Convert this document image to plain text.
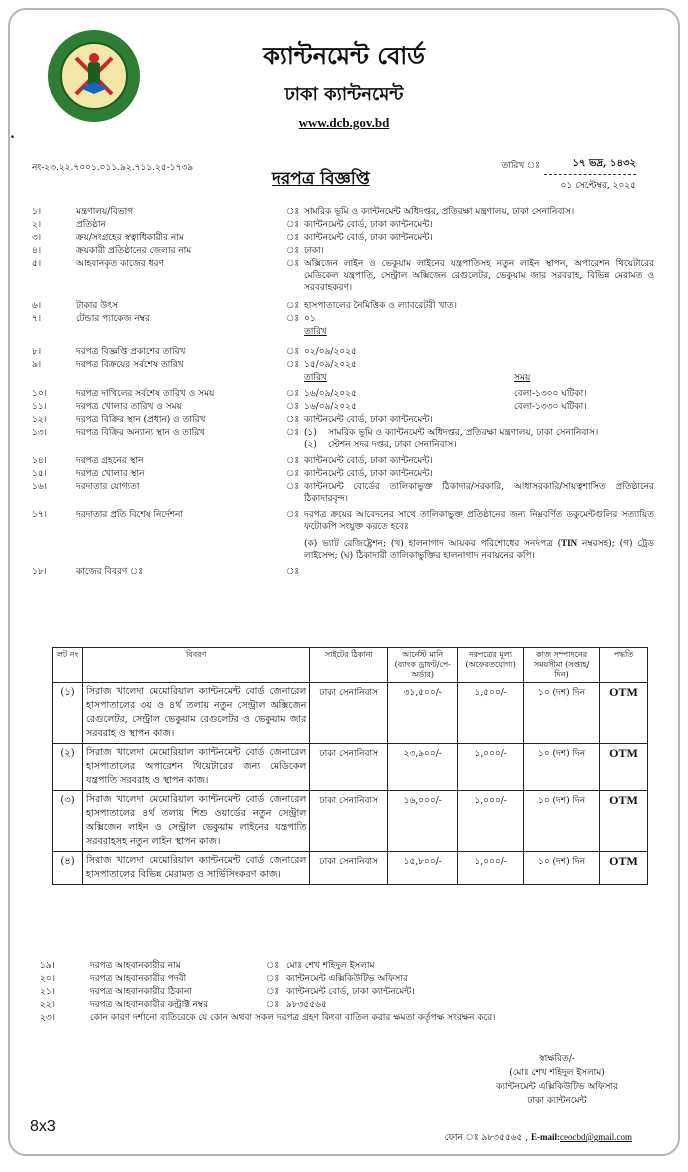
ক্যান্টনমেন্ট বোর্ড
ঢাকা ক্যান্টনমেন্ট
www.dcb.gov.bd
.
নং-২৩.২২.৭০০১.০১১.৯২.৭১১.২৫-১৭৩৯
দরপত্র বিজ্ঞপ্তি
তারিখ ঃ	১৭ ভদ্র, ১৪৩২
০১ সেপ্টেম্বর, ২০২৫
১।	মন্ত্রণালয়/বিভাগ	ঃ সামরিক ভূমি ও ক্যান্টনমেন্ট অধিদপ্তর, প্রতিরক্ষা মন্ত্রণালয়, ঢাকা সেনানিবাস।
২।	প্রতিষ্ঠান	ঃ ক্যান্টনমেন্ট বোর্ড, ঢাকা ক্যান্টনমেন্ট।
৩।	ক্রয়/সংগ্রহের স্বত্বাধিকারীর নাম	ঃ ক্যান্টনমেন্ট বোর্ড, ঢাকা ক্যান্টনমেন্ট।
৪।	ক্রয়কারী প্রতিষ্ঠানের জেলার নাম	ঃ ঢাকা।
৫।	আহবানকৃত কাজের ধরণ	ঃ অক্সিজেন লাইন ও ভেকুয়াম লাইনের যন্ত্রপাতিসহ নতুন লাইন স্থাপন, অপারেশন থিয়েটারের মেডিকেল যন্ত্রপাতি, সেন্ট্রাল অক্সিজেন রেগুলেটর, ভেকুয়াম জার সরবরাহ, বিভিন্ন মেরামত ও সরবরাহকরণ।
৬।	টাকার উৎস	ঃ হাসপাতালের নৈমিত্তিক ও ল্যাবরেটরী খাত।
৭।	টেন্ডার প্যাকেজ নম্বর	ঃ ০১
তারিখ
৮।	দরপত্র বিজ্ঞপ্তি প্রকাশের তারিখ	ঃ ০২/০৯/২০২৫
৯।	দরপত্র বিক্রয়ের সর্বশেষ তারিখ	ঃ ১৫/০৯/২০২৫
তারিখ	সময়
১০।	দরপত্র দাখিলের সর্বশেষ তারিখ ও সময়	ঃ ১৬/০৯/২০২৫	বেলা-১৩০০ ঘটিকা।
১১।	দরপত্র খোলার তারিখ ও সময়	ঃ ১৬/০৯/২০২৫	বেলা-১৩৩০ ঘটিকা।
১২।	দরপত্র বিক্রির স্থান (প্রধান) ও তারিখ	ঃ ক্যান্টনমেন্ট বোর্ড, ঢাকা ক্যান্টনমেন্ট।
১৩।	দরপত্র বিক্রির অন্যান্য স্থান ও তারিখ	ঃ (১)	সামরিক ভূমি ও ক্যান্টনমেন্ট অধিদপ্তর, প্রতিরক্ষা মন্ত্রণালয়, ঢাকা সেনানিবাস।
(২)	স্টেশন সদর দপ্তর, ঢাকা সেনানিবাস।
১৪।	দরপত্র গ্রহনের স্থান	ঃ ক্যান্টনমেন্ট বোর্ড, ঢাকা ক্যান্টনমেন্ট।
১৫।	দরপত্র খোলার স্থান	ঃ ক্যান্টনমেন্ট বোর্ড, ঢাকা ক্যান্টনমেন্ট।
১৬।	দরদাতার যোগ্যতা	ঃ ক্যান্টনমেন্ট বোর্ডের তালিকাভুক্ত ঠিকাদার/সরকারি, আধাসরকারি/সায়ত্বশাসিত প্রতিষ্ঠানের ঠিকাদারবৃন্দ।
১৭।	দরদাতার প্রতি বিশেষ নির্দেশনা	ঃ দরপত্র ক্রয়ের আবেদনের সাথে তালিকাভুক্ত প্রতিষ্ঠানের জন্য নিম্নবর্ণিত ডকুমেন্টগুলির সত্যায়িত ফটোকপি সংযুক্ত করতে হবেঃ
(ক) ভ্যাট রেজিষ্ট্রেশন; (খ) হালনাগাদ আয়কর পরিশোধের সনদপত্র (TIN নম্বরসহ); (গ) ট্রেড লাইসেন্স; (ঘ) ঠিকাদারী তালিকাভুক্তির হালনাগাদ নবায়নের কপি।
১৮।	কাজের বিবরণ ঃ	ঃ
লট নং	বিবরণ	সাইটের ঠিকানা	আর্নেস্ট মানি (ব্যাংক ড্রাফট/পে-অর্ডার)	দরপত্রের মূল্য (অফেরতযোগ্য)	কাজ সম্পাদনের সময়সীমা (সপ্তাহ/দিন)	পদ্ধতি
(১)	সিরাজ খালেদা মেমোরিয়াল ক্যান্টনমেন্ট বোর্ড জেনারেল হাসপাতালের ৩য় ও ৪র্থ তলায় নতুন সেন্ট্রাল অক্সিজেন রেগুলেটর, সেন্ট্রাল ভেকুয়াম রেগুলেটর ও ভেকুয়াম জার সরবরাহ ও স্থাপন কাজ।	ঢাকা সেনানিবাস	৩১,৫০০/-	১,৫০০/-	১০ (দশ) দিন	OTM
(২)	সিরাজ খালেদা মেমোরিয়াল ক্যান্টনমেন্ট বোর্ড জেনারেল হাসপাতালের অপারেশন থিয়েটারের জন্য মেডিকেল যন্ত্রপাতি সরবরাহ ও স্থাপন কাজ।	ঢাকা সেনানিবাস	২৩,৯০০/-	১,০০০/-	১০ (দশ) দিন	OTM
(৩)	সিরাজ খালেদা মেমোরিয়াল ক্যান্টনমেন্ট বোর্ড জেনারেল হাসপাতালের ৪র্থ তলায় শিশু ওয়ার্ডের নতুন সেন্ট্রাল অক্সিজেন লাইন ও সেন্ট্রাল ভেকুয়াম লাইনের যন্ত্রপাতি সরবরাহসহ নতুন লাইন স্থাপন কাজ।	ঢাকা সেনানিবাস	১৬,০০০/-	১,০০০/-	১০ (দশ) দিন	OTM
(৪)	সিরাজ খালেদা মেমোরিয়াল ক্যান্টনমেন্ট বোর্ড জেনারেল হাসপাতালের বিভিন্ন মেরামত ও সার্ভিসিংকরণ কাজ।	ঢাকা সেনানিবাস	১৫,৮০০/-	১,০০০/-	১০ (দশ) দিন	OTM
১৯।	দরপত্র আহবানকারীর নাম	ঃ মোঃ শেখ শহিদুল ইসলাম
২০।	দরপত্র আহবানকারীর পদবী	ঃ ক্যান্টনমেন্ট এক্সিকিউটিভ অফিসার
২১।	দরপত্র আহবানকারীর ঠিকানা	ঃ ক্যান্টনমেন্ট বোর্ড, ঢাকা ক্যান্টনমেন্ট।
২২।	দরপত্র আহবানকারীর কন্ট্রাক্ট নম্বর	ঃ ৯৮৩৫৫৬৫
২৩।	কোন কারণ দর্শানো ব্যতিরেকে যে কোন অথবা সকল দরপত্র গ্রহণ কিংবা বাতিল করার ক্ষমতা কর্তৃপক্ষ সংরক্ষন করে।
স্বাক্ষরিত/-
(মোঃ শেখ শহিদুল ইসলাম)
ক্যান্টনমেন্ট এক্সিকিউটিভ অফিসার
ঢাকা ক্যান্টনমেন্ট
ফোন ঃ ৯৮৩৫৫৬৫ , E-mail:ceocbd@gmail.com
8x3
